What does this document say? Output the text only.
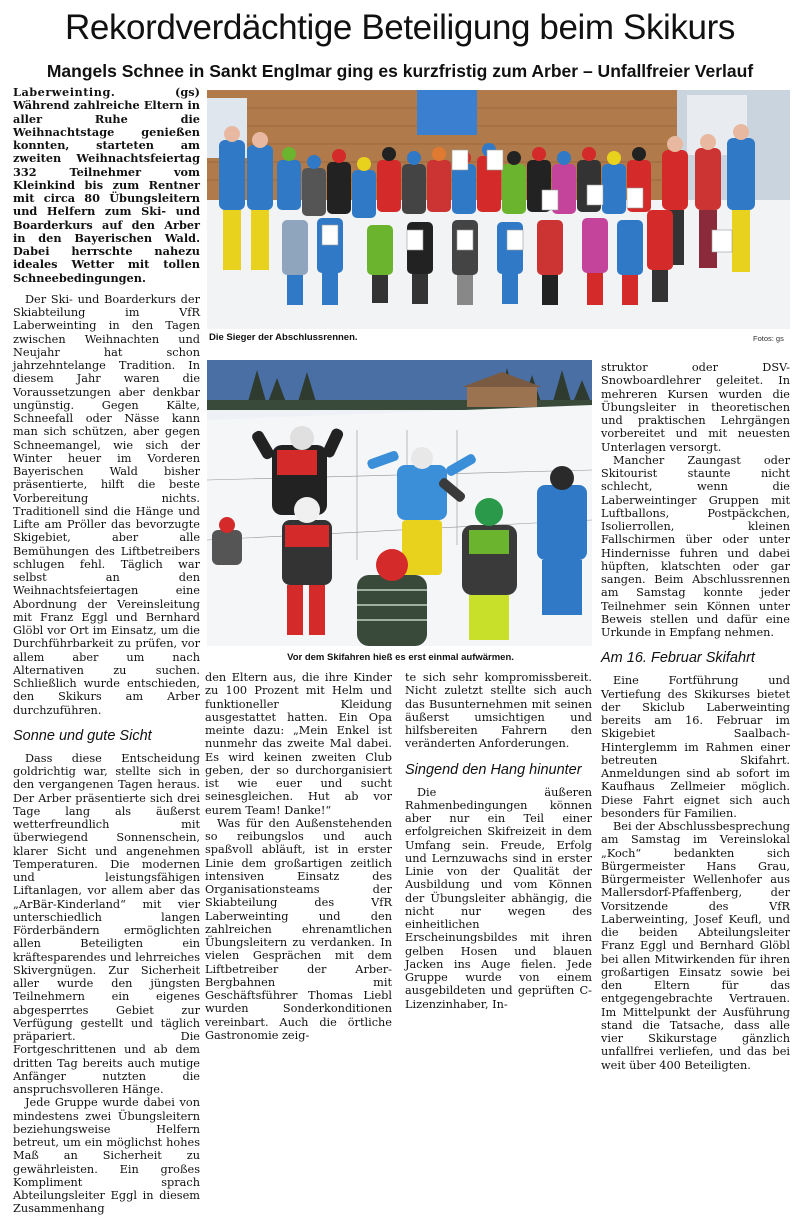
Rekordverdächtige Beteiligung beim Skikurs
Mangels Schnee in Sankt Englmar ging es kurzfristig zum Arber – Unfallfreier Verlauf

Laberweinting.	(gs) Während zahlreiche Eltern in aller Ruhe die Weihnachtstage genießen konnten, starteten am zweiten Weihnachtsfeiertag 332 Teilnehmer vom Kleinkind bis zum Rentner mit circa 80 Übungsleitern und Helfern zum Ski- und Boarderkurs auf den Arber in den Bayerischen Wald. Dabei herrschte nahezu ideales Wetter mit tollen Schneebedingungen.

Der Ski- und Boarderkurs der Skiabteilung im VfR Laberweinting in den Tagen zwischen Weihnachten und Neujahr hat schon jahrzehntelange Tradition. In diesem Jahr waren die Voraussetzungen aber denkbar ungünstig. Gegen Kälte, Schneefall oder Nässe kann man sich schützen, aber gegen Schneemangel, wie sich der Winter heuer im Vorderen Bayerischen Wald bisher präsentierte, hilft die beste Vorbereitung nichts. Traditionell sind die Hänge und Lifte am Pröller das bevorzugte Skigebiet, aber alle Bemühungen des Liftbetreibers schlugen fehl. Täglich war selbst an den Weihnachtsfeiertagen eine Abordnung der Vereinsleitung mit Franz Eggl und Bernhard Glöbl vor Ort im Einsatz, um die Durchführbarkeit zu prüfen, vor allem aber um nach Alternativen zu suchen. Schließlich wurde entschieden, den Skikurs am Arber durchzuführen.

Sonne und gute Sicht

Dass diese Entscheidung goldrichtig war, stellte sich in den vergangenen Tagen heraus. Der Arber präsentierte sich drei Tage lang als äußerst wetterfreundlich mit überwiegend Sonnenschein, klarer Sicht und angenehmen Temperaturen. Die modernen und leistungsfähigen Liftanlagen, vor allem aber das „ArBär-Kinderland“ mit vier unterschiedlich langen Förderbändern ermöglichten allen Beteiligten ein kräftesparendes und lehrreiches Skivergnügen. Zur Sicherheit aller wurde den jüngsten Teilnehmern ein eigenes abgesperrtes Gebiet zur Verfügung gestellt und täglich präpariert. Die Fortgeschrittenen und ab dem dritten Tag bereits auch mutige Anfänger nutzten die anspruchsvolleren Hänge.

Jede Gruppe wurde dabei von mindestens zwei Übungsleitern beziehungsweise Helfern betreut, um ein möglichst hohes Maß an Sicherheit zu gewährleisten. Ein großes Kompliment sprach Abteilungsleiter Eggl in diesem Zusammenhang

Die Sieger der Abschlussrennen.	Fotos: gs
Vor dem Skifahren hieß es erst einmal aufwärmen.

den Eltern aus, die ihre Kinder zu 100 Prozent mit Helm und funktioneller Kleidung ausgestattet hatten. Ein Opa meinte dazu: „Mein Enkel ist nunmehr das zweite Mal dabei. Es wird keinen zweiten Club geben, der so durchorganisiert ist wie euer und sucht seinesgleichen. Hut ab vor eurem Team! Danke!“

Was für den Außenstehenden so reibungslos und auch spaßvoll abläuft, ist in erster Linie dem großartigen zeitlich intensiven Einsatz des Organisationsteams der Skiabteilung des VfR Laberweinting und den zahlreichen ehrenamtlichen Übungsleitern zu verdanken. In vielen Gesprächen mit dem Liftbetreiber der Arber-Bergbahnen mit Geschäftsführer Thomas Liebl wurden Sonderkonditionen vereinbart. Auch die örtliche Gastronomie zeig-

te sich sehr kompromissbereit. Nicht zuletzt stellte sich auch das Busunternehmen mit seinen äußerst umsichtigen und hilfsbereiten Fahrern den veränderten Anforderungen.

Singend den Hang hinunter

Die äußeren Rahmenbedingungen können aber nur ein Teil einer erfolgreichen Skifreizeit in dem Umfang sein. Freude, Erfolg und Lernzuwachs sind in erster Linie von der Qualität der Ausbildung und vom Können der Übungsleiter abhängig, die nicht nur wegen des einheitlichen Erscheinungsbildes mit ihren gelben Hosen und blauen Jacken ins Auge fielen. Jede Gruppe wurde von einem ausgebildeten und geprüften C-Lizenzinhaber, In-

struktor oder DSV-Snowboardlehrer geleitet. In mehreren Kursen wurden die Übungsleiter in theoretischen und praktischen Lehrgängen vorbereitet und mit neuesten Unterlagen versorgt.

Mancher Zaungast oder Skitourist staunte nicht schlecht, wenn die Laberweintinger Gruppen mit Luftballons, Postpäckchen, Isolierrollen, kleinen Fallschirmen über oder unter Hindernisse fuhren und dabei hüpften, klatschten oder gar sangen. Beim Abschlussrennen am Samstag konnte jeder Teilnehmer sein Können unter Beweis stellen und dafür eine Urkunde in Empfang nehmen.

Am 16. Februar Skifahrt

Eine Fortführung und Vertiefung des Skikurses bietet der Skiclub Laberweinting bereits am 16. Februar im Skigebiet Saalbach-Hinterglemm im Rahmen einer betreuten Skifahrt. Anmeldungen sind ab sofort im Kaufhaus Zellmeier möglich. Diese Fahrt eignet sich auch besonders für Familien.

Bei der Abschlussbesprechung am Samstag im Vereinslokal „Koch“ bedankten sich Bürgermeister Hans Grau, Bürgermeister Wellenhofer aus Mallersdorf-Pfaffenberg, der Vorsitzende des VfR Laberweinting, Josef Keufl, und die beiden Abteilungsleiter Franz Eggl und Bernhard Glöbl bei allen Mitwirkenden für ihren großartigen Einsatz sowie bei den Eltern für das entgegengebrachte Vertrauen. Im Mittelpunkt der Ausführung stand die Tatsache, dass alle vier Skikurstage gänzlich unfallfrei verliefen, und das bei weit über 400 Beteiligten.
